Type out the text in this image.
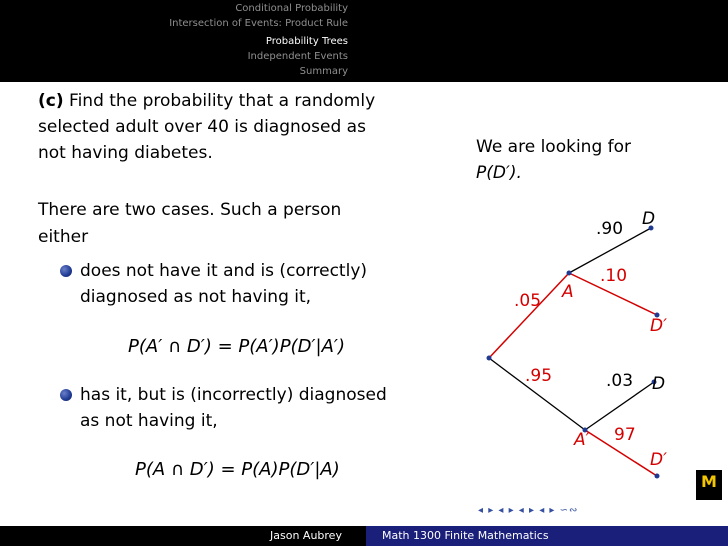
Conditional Probability
Intersection of Events: Product Rule
Probability Trees
Independent Events
Summary
(c) Find the probability that a randomly
selected adult over 40 is diagnosed as
not having diabetes.
There are two cases. Such a person
either
does not have it and is (correctly)
diagnosed as not having it,
P(A′ ∩ D′) = P(A′)P(D′|A′)
has it, but is (incorrectly) diagnosed
as not having it,
P(A ∩ D′) = P(A)P(D′|A)
We are looking for
P(D′).
.05 A
.95
A′
.90 D
.10
D′
.03 D
97
D′
◂ ▸ ◂ ▸ ◂ ▸ ◂ ▸ ∽∾
M
Jason Aubrey	Math 1300 Finite Mathematics
